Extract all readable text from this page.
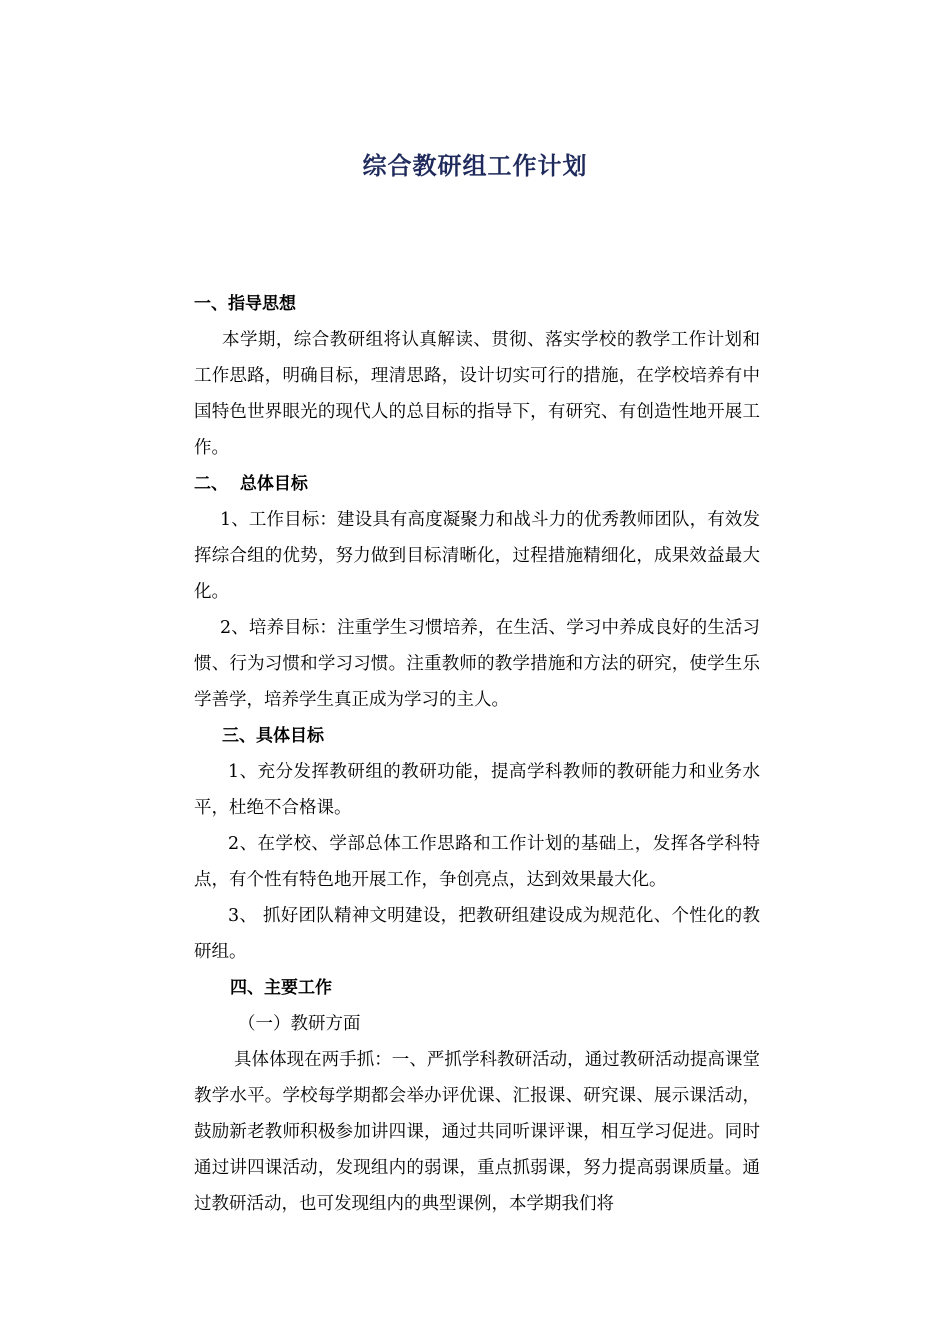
综合教研组工作计划
一、指导思想

本学期，综合教研组将认真解读、贯彻、落实学校的教学工作计划和工作思路，明确目标，理清思路，设计切实可行的措施，在学校培养有中国特色世界眼光的现代人的总目标的指导下，有研究、有创造性地开展工作。

二、  总体目标

1、工作目标：建设具有高度凝聚力和战斗力的优秀教师团队，有效发挥综合组的优势，努力做到目标清晰化，过程措施精细化，成果效益最大化。

2、培养目标：注重学生习惯培养，在生活、学习中养成良好的生活习惯、行为习惯和学习习惯。注重教师的教学措施和方法的研究，使学生乐学善学，培养学生真正成为学习的主人。

三、具体目标

1、充分发挥教研组的教研功能，提高学科教师的教研能力和业务水平，杜绝不合格课。

2、在学校、学部总体工作思路和工作计划的基础上，发挥各学科特点，有个性有特色地开展工作，争创亮点，达到效果最大化。

3、 抓好团队精神文明建设，把教研组建设成为规范化、个性化的教研组。

四、主要工作
（一）教研方面

具体体现在两手抓：一、严抓学科教研活动，通过教研活动提高课堂教学水平。学校每学期都会举办评优课、汇报课、研究课、展示课活动，鼓励新老教师积极参加讲四课，通过共同听课评课，相互学习促进。同时通过讲四课活动，发现组内的弱课，重点抓弱课，努力提高弱课质量。通过教研活动，也可发现组内的典型课例，本学期我们将
